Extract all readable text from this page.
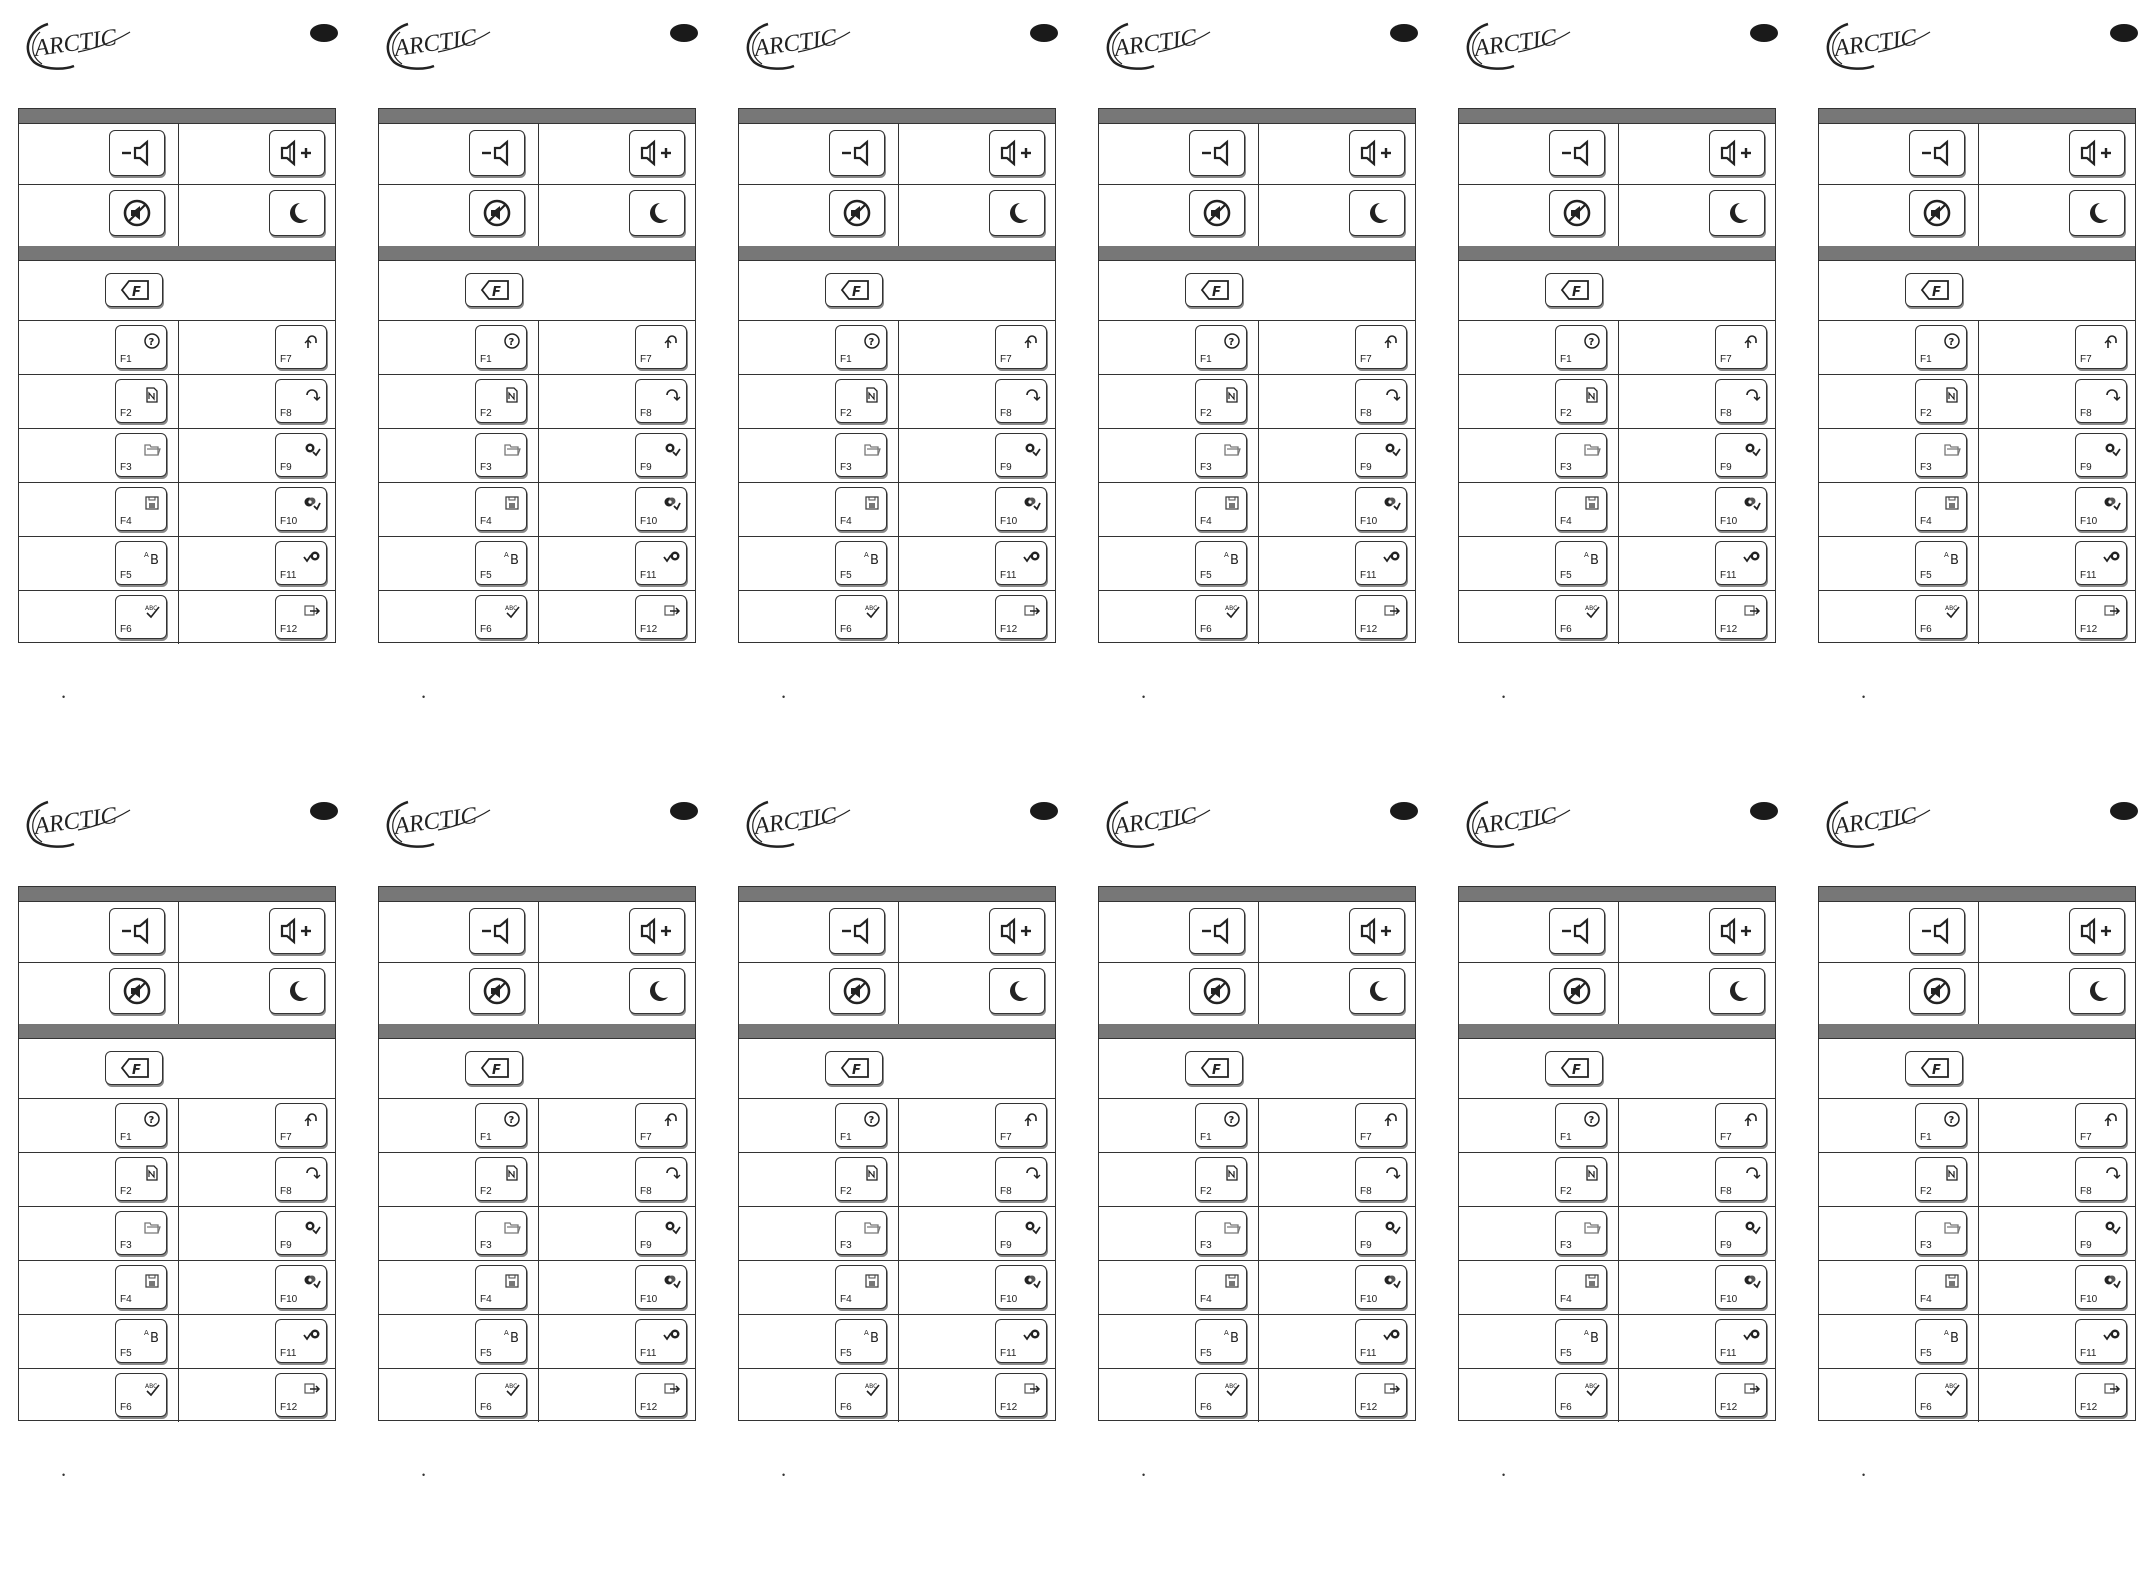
ARCTIC
F
F1
?
F2
F3
F4
F5
A B
F6
ABC
F7
F8
F9
F10
F11
F12
•
ARCTIC
F
F1
?
F2
F3
F4
F5
A B
F6
ABC
F7
F8
F9
F10
F11
F12
•
ARCTIC
F
F1
?
F2
F3
F4
F5
A B
F6
ABC
F7
F8
F9
F10
F11
F12
•
ARCTIC
F
F1
?
F2
F3
F4
F5
A B
F6
ABC
F7
F8
F9
F10
F11
F12
•
ARCTIC
F
F1
?
F2
F3
F4
F5
A B
F6
ABC
F7
F8
F9
F10
F11
F12
•
ARCTIC
F
F1
?
F2
F3
F4
F5
A B
F6
ABC
F7
F8
F9
F10
F11
F12
•
ARCTIC
F
F1
?
F2
F3
F4
F5
A B
F6
ABC
F7
F8
F9
F10
F11
F12
•
ARCTIC
F
F1
?
F2
F3
F4
F5
A B
F6
ABC
F7
F8
F9
F10
F11
F12
•
ARCTIC
F
F1
?
F2
F3
F4
F5
A B
F6
ABC
F7
F8
F9
F10
F11
F12
•
ARCTIC
F
F1
?
F2
F3
F4
F5
A B
F6
ABC
F7
F8
F9
F10
F11
F12
•
ARCTIC
F
F1
?
F2
F3
F4
F5
A B
F6
ABC
F7
F8
F9
F10
F11
F12
•
ARCTIC
F
F1
?
F2
F3
F4
F5
A B
F6
ABC
F7
F8
F9
F10
F11
F12
•
